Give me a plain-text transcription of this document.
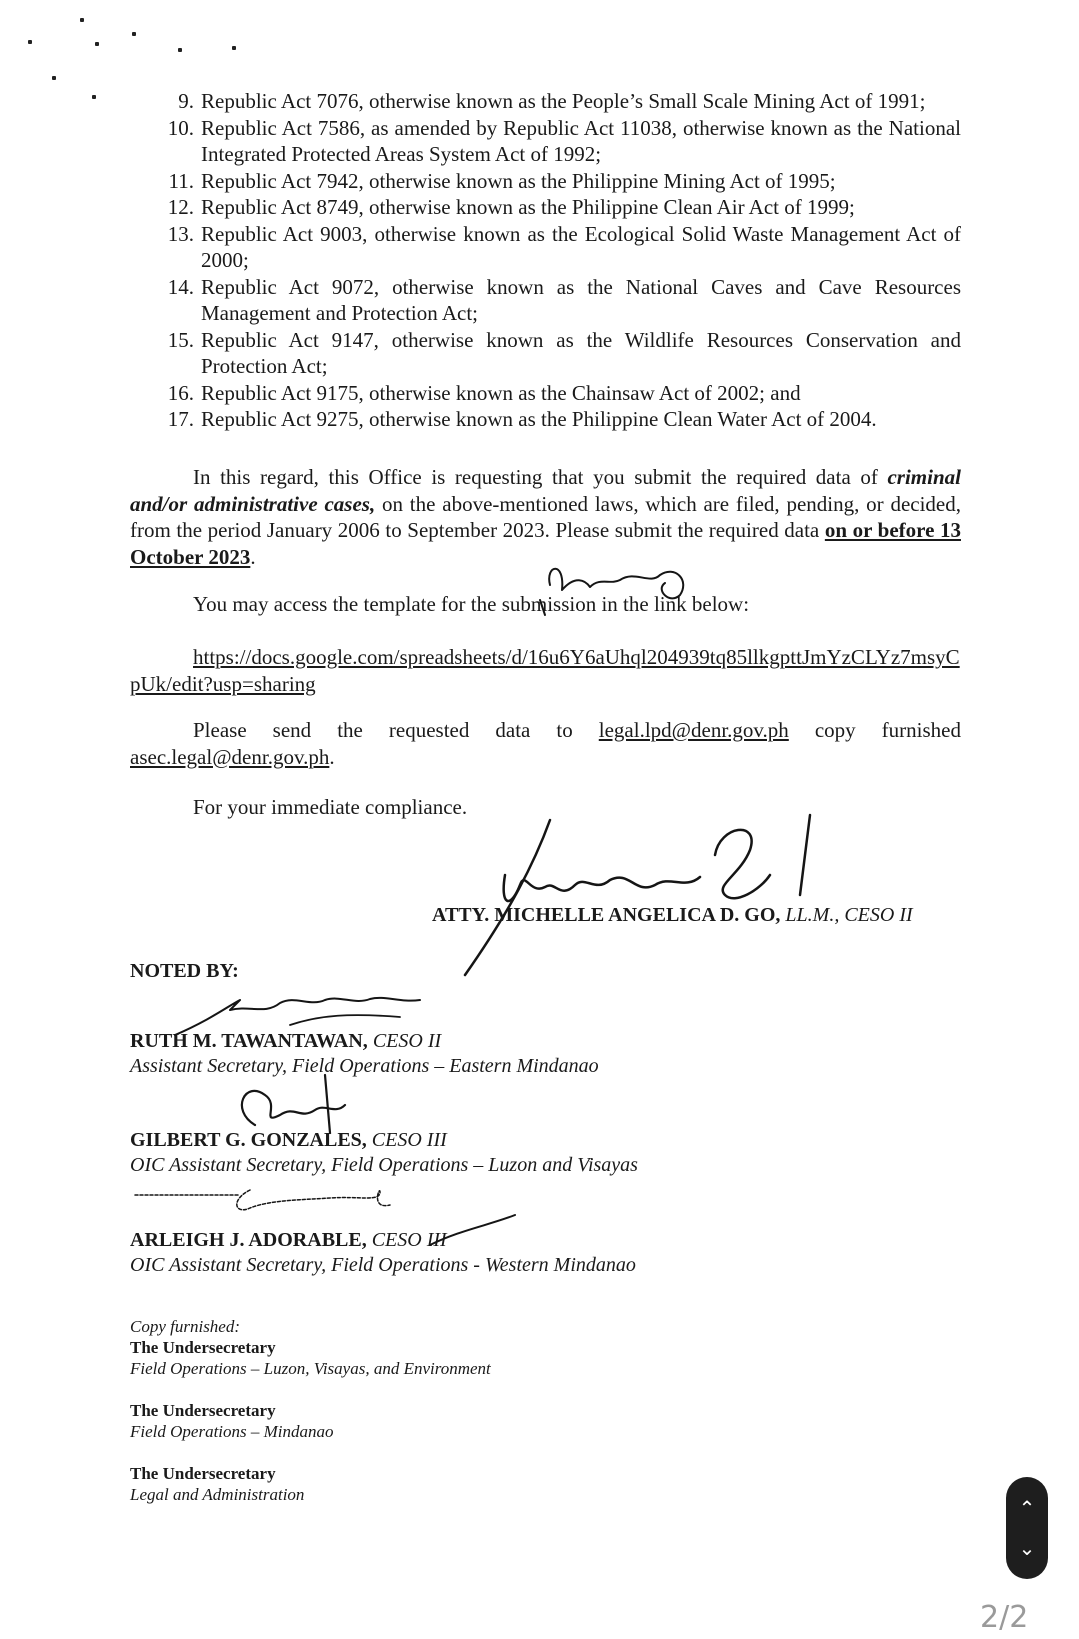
9. Republic Act 7076, otherwise known as the People’s Small Scale Mining Act of 1991;
10. Republic Act 7586, as amended by Republic Act 11038, otherwise known as the National Integrated Protected Areas System Act of 1992;
11. Republic Act 7942, otherwise known as the Philippine Mining Act of 1995;
12. Republic Act 8749, otherwise known as the Philippine Clean Air Act of 1999;
13. Republic Act 9003, otherwise known as the Ecological Solid Waste Management Act of 2000;
14. Republic Act 9072, otherwise known as the National Caves and Cave Resources Management and Protection Act;
15. Republic Act 9147, otherwise known as the Wildlife Resources Conservation and Protection Act;
16. Republic Act 9175, otherwise known as the Chainsaw Act of 2002; and
17. Republic Act 9275, otherwise known as the Philippine Clean Water Act of 2004.
In this regard, this Office is requesting that you submit the required data of criminal and/or administrative cases, on the above-mentioned laws, which are filed, pending, or decided, from the period January 2006 to September 2023. Please submit the required data on or before 13 October 2023.
You may access the template for the submission in the link below:
https://docs.google.com/spreadsheets/d/16u6Y6aUhql204939tq85llkgpttJmYzCLYz7msyCpUk/edit?usp=sharing
Please send the requested data to legal.lpd@denr.gov.ph copy furnished asec.legal@denr.gov.ph.
For your immediate compliance.
ATTY. MICHELLE ANGELICA D. GO, LL.M., CESO II
NOTED BY:
RUTH M. TAWANTAWAN, CESO II
Assistant Secretary, Field Operations – Eastern Mindanao
GILBERT G. GONZALES, CESO III
OIC Assistant Secretary, Field Operations – Luzon and Visayas
ARLEIGH J. ADORABLE, CESO III
OIC Assistant Secretary, Field Operations - Western Mindanao
Copy furnished:
The Undersecretary
Field Operations – Luzon, Visayas, and Environment
The Undersecretary
Field Operations – Mindanao
The Undersecretary
Legal and Administration
⌃
⌄
2/2
